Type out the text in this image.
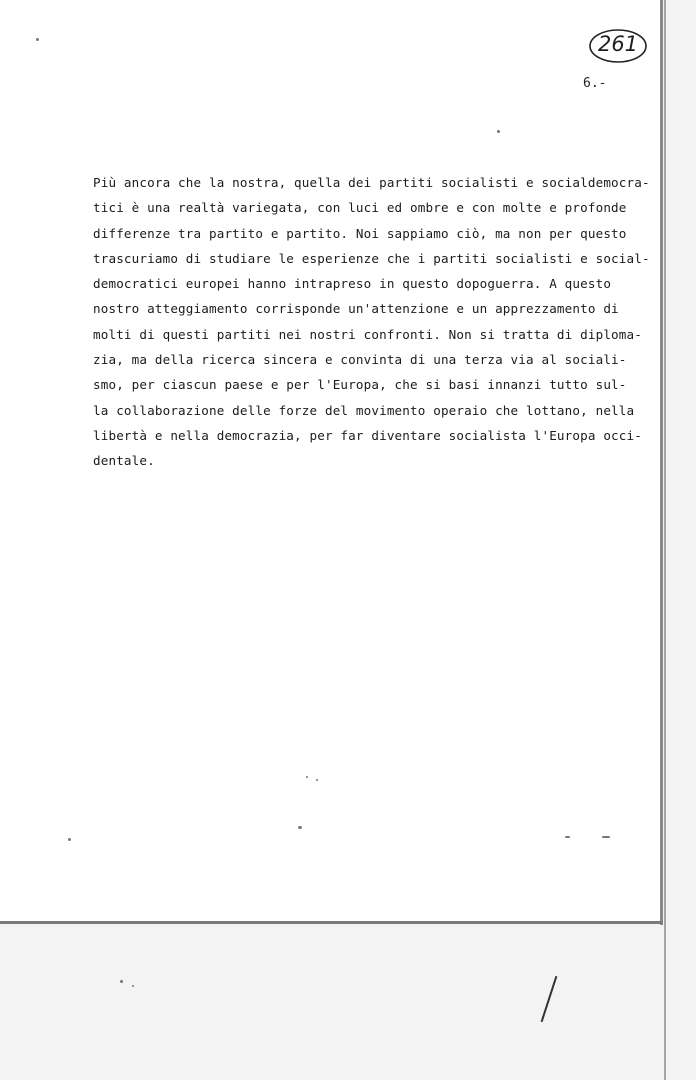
261
6.-
Più ancora che la nostra, quella dei partiti socialisti e socialdemocra-
tici è una realtà variegata, con luci ed ombre e con molte e profonde
differenze tra partito e partito. Noi sappiamo ciò, ma non per questo
trascuriamo di studiare le esperienze che i partiti socialisti e social-
democratici europei hanno intrapreso in questo dopoguerra. A questo
nostro atteggiamento corrisponde un'attenzione e un apprezzamento di
molti di questi partiti nei nostri confronti. Non si tratta di diploma-
zia, ma della ricerca sincera e convinta di una terza via al sociali-
smo, per ciascun paese e per l'Europa, che si basi innanzi tutto sul-
la collaborazione delle forze del movimento operaio che lottano, nella
libertà e nella democrazia, per far diventare socialista l'Europa occi-
dentale.
